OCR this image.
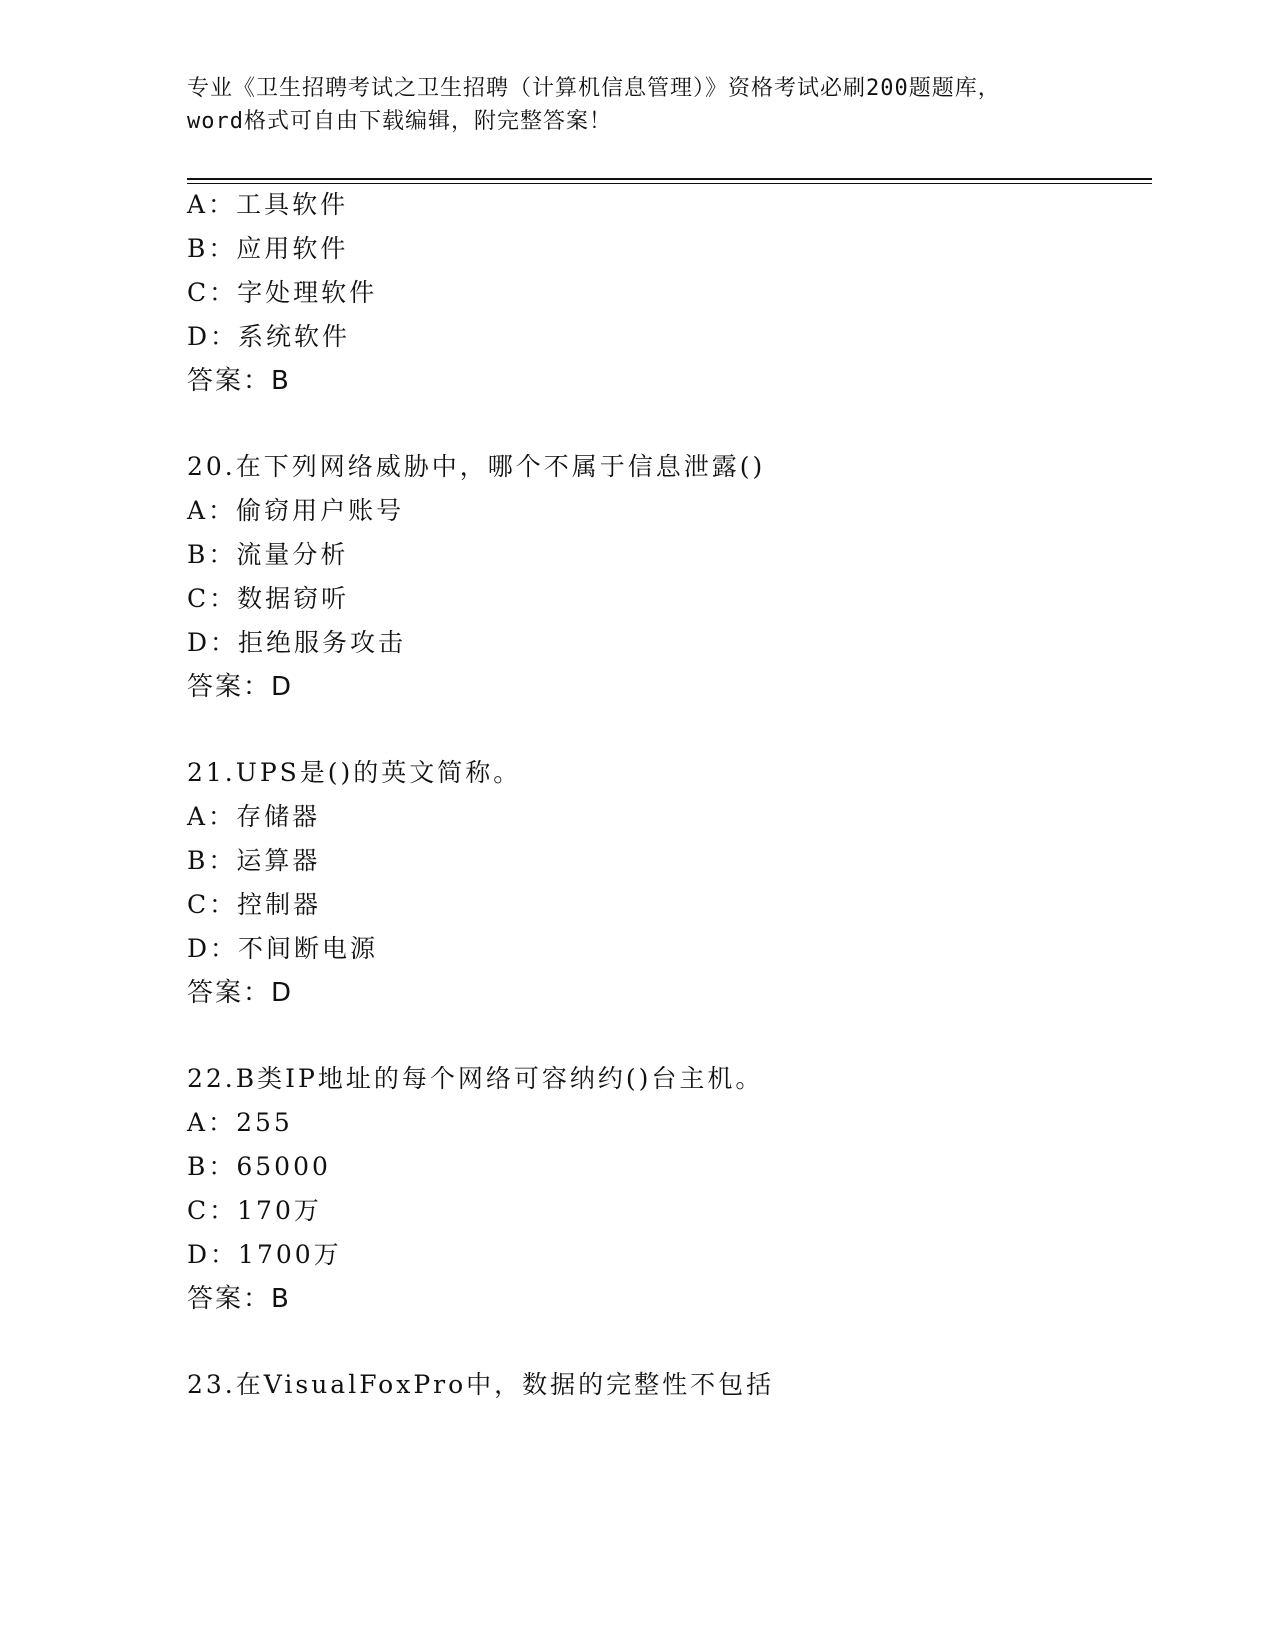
专业《卫生招聘考试之卫生招聘（计算机信息管理）》资格考试必刷200题题库，
word格式可自由下载编辑，附完整答案！
A：工具软件
B：应用软件
C：字处理软件
D：系统软件
答案：B
20.在下列网络威胁中，哪个不属于信息泄露()
A：偷窃用户账号
B：流量分析
C：数据窃听
D：拒绝服务攻击
答案：D
21.UPS是()的英文简称。
A：存储器
B：运算器
C：控制器
D：不间断电源
答案：D
22.B类IP地址的每个网络可容纳约()台主机。
A：255
B：65000
C：170万
D：1700万
答案：B
23.在VisualFoxPro中，数据的完整性不包括
